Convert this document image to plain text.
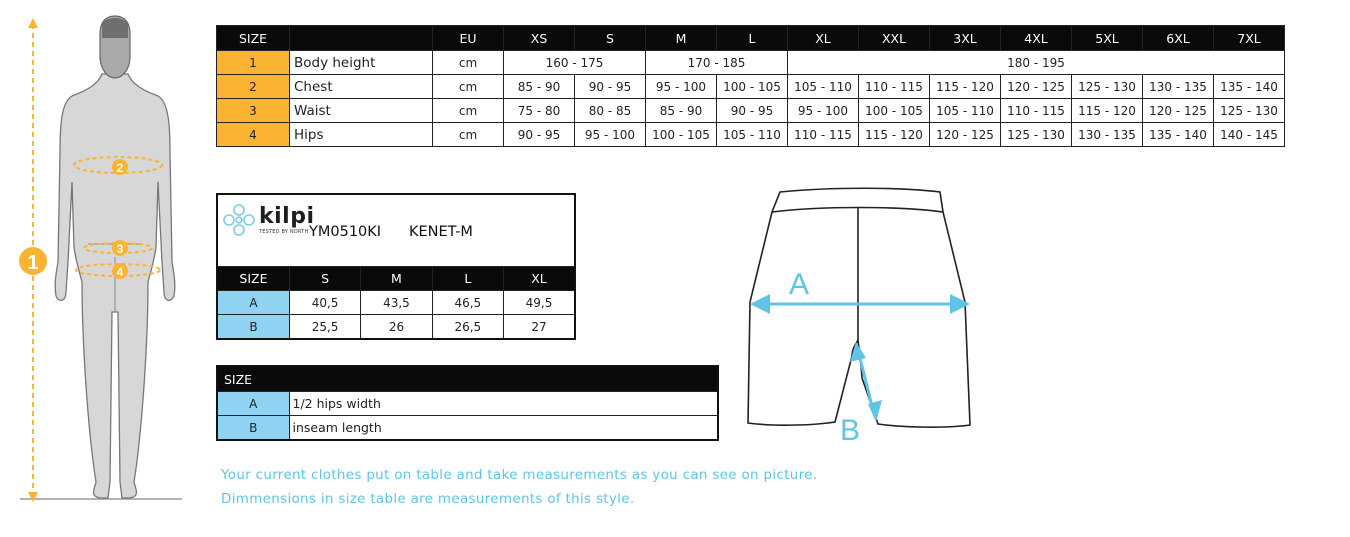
1
2
3
4
SIZE		EU	XS	S	M	L	XL	XXL	3XL	4XL	5XL	6XL	7XL
1	Body height	cm	160 - 175		170 - 185		180 - 195						
2	Chest	cm	85 - 90	90 - 95	95 - 100	100 - 105	105 - 110	110 - 115	115 - 120	120 - 125	125 - 130	130 - 135	135 - 140
3	Waist	cm	75 - 80	80 - 85	85 - 90	90 - 95	95 - 100	100 - 105	105 - 110	110 - 115	115 - 120	120 - 125	125 - 130
4	Hips	cm	90 - 95	95 - 100	100 - 105	105 - 110	110 - 115	115 - 120	120 - 125	125 - 130	130 - 135	135 - 140	140 - 145
kilpi
TESTED BY NORTH YM0510KI KENET-M				

SIZE	S	M	L	XL
A	40,5	43,5	46,5	49,5
B	25,5	26	26,5	27
SIZE	
A	1/2 hips width
B	inseam length
A
B
Your current clothes put on table and take measurements as you can see on picture.
Dimmensions in size table are measurements of this style.
